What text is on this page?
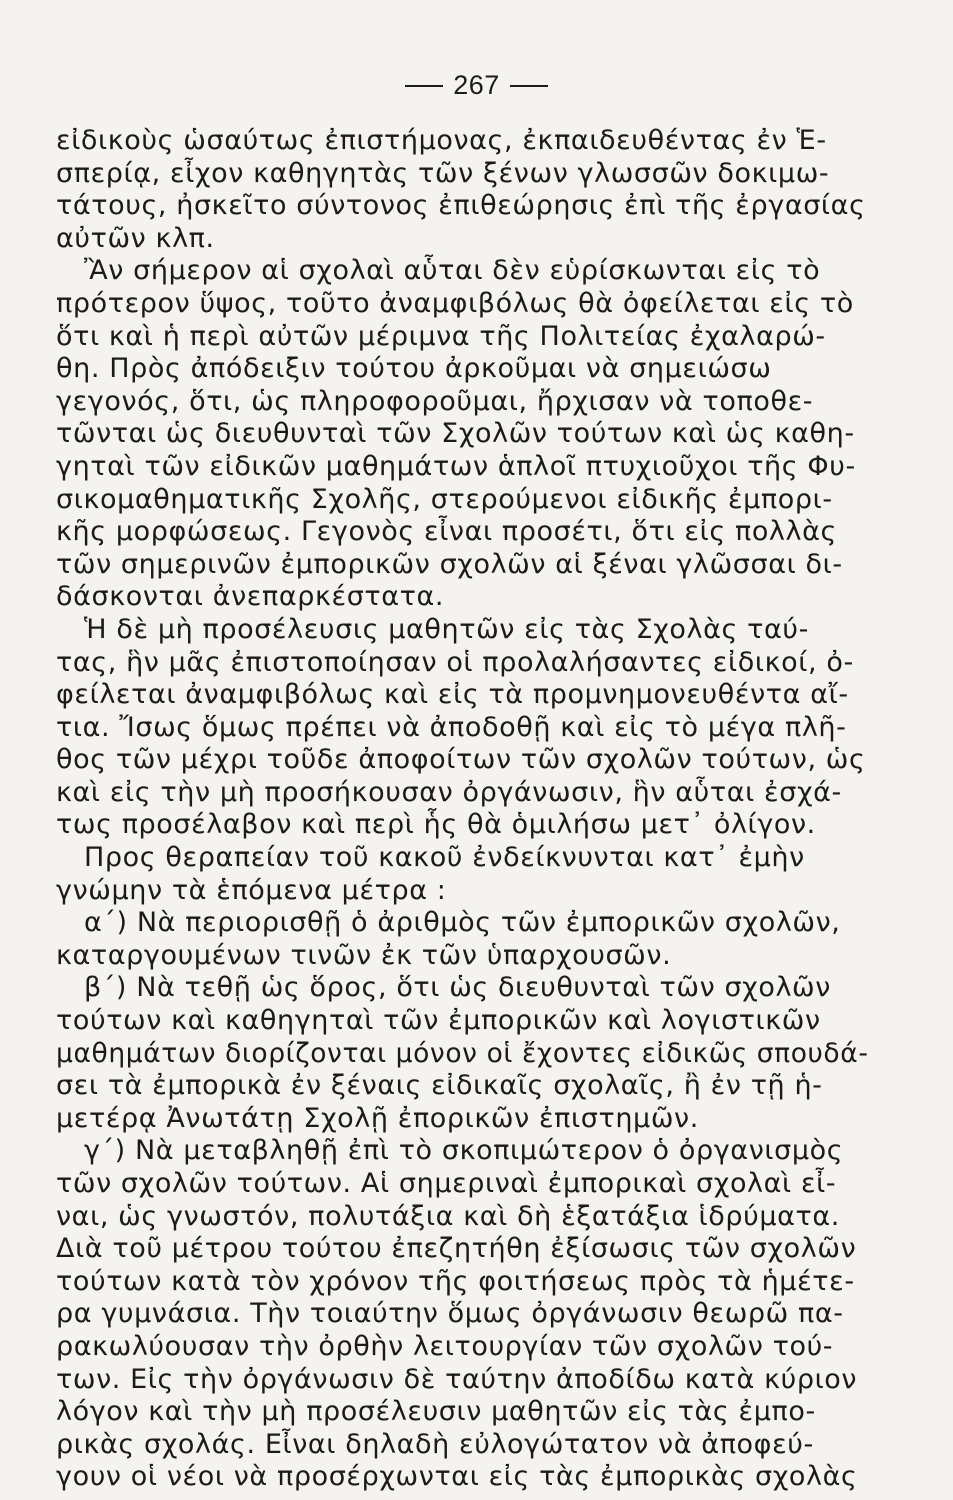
267
εἰδικοὺς ὡσαύτως ἐπιστήμονας, ἐκπαιδευθέντας ἐν Ἑ-
σπερίᾳ, εἶχον καθηγητὰς τῶν ξένων γλωσσῶν δοκιμω-
τάτους, ἠσκεῖτο σύντονος ἐπιθεώρησις ἐπὶ τῆς ἐργασίας
αὐτῶν κλπ.
Ἂν σήμερον αἱ σχολαὶ αὗται δὲν εὑρίσκωνται εἰς τὸ
πρότερον ὕψος, τοῦτο ἀναμφιβόλως θὰ ὀφείλεται εἰς τὸ
ὅτι καὶ ἡ περὶ αὐτῶν μέριμνα τῆς Πολιτείας ἐχαλαρώ-
θη. Πρὸς ἀπόδειξιν τούτου ἀρκοῦμαι νὰ σημειώσω
γεγονός, ὅτι, ὡς πληροφοροῦμαι, ἤρχισαν νὰ τοποθε-
τῶνται ὡς διευθυνταὶ τῶν Σχολῶν τούτων καὶ ὡς καθη-
γηταὶ τῶν εἰδικῶν μαθημάτων ἁπλοῖ πτυχιοῦχοι τῆς Φυ-
σικομαθηματικῆς Σχολῆς, στερούμενοι εἰδικῆς ἐμπορι-
κῆς μορφώσεως. Γεγονὸς εἶναι προσέτι, ὅτι εἰς πολλὰς
τῶν σημερινῶν ἐμπορικῶν σχολῶν αἱ ξέναι γλῶσσαι δι-
δάσκονται ἀνεπαρκέστατα.
Ἡ δὲ μὴ προσέλευσις μαθητῶν εἰς τὰς Σχολὰς ταύ-
τας, ἣν μᾶς ἐπιστοποίησαν οἱ προλαλήσαντες εἰδικοί, ὀ-
φείλεται ἀναμφιβόλως καὶ εἰς τὰ προμνημονευθέντα αἴ-
τια. Ἴσως ὅμως πρέπει νὰ ἀποδοθῇ καὶ εἰς τὸ μέγα πλῆ-
θος τῶν μέχρι τοῦδε ἀποφοίτων τῶν σχολῶν τούτων, ὡς
καὶ εἰς τὴν μὴ προσήκουσαν ὀργάνωσιν, ἣν αὗται ἐσχά-
τως προσέλαβον καὶ περὶ ἧς θὰ ὁμιλήσω μετ᾽ ὀλίγον.
Προς θεραπείαν τοῦ κακοῦ ἐνδείκνυνται κατ᾽ ἐμὴν
γνώμην τὰ ἑπόμενα μέτρα :
α´) Νὰ περιορισθῇ ὁ ἀριθμὸς τῶν ἐμπορικῶν σχολῶν,
καταργουμένων τινῶν ἐκ τῶν ὑπαρχουσῶν.
β´) Νὰ τεθῇ ὡς ὅρος, ὅτι ὡς διευθυνταὶ τῶν σχολῶν
τούτων καὶ καθηγηταὶ τῶν ἐμπορικῶν καὶ λογιστικῶν
μαθημάτων διορίζονται μόνον οἱ ἔχοντες εἰδικῶς σπουδά-
σει τὰ ἐμπορικὰ ἐν ξέναις εἰδικαῖς σχολαῖς, ἢ ἐν τῇ ἡ-
μετέρᾳ Ἀνωτάτῃ Σχολῇ ἐπορικῶν ἐπιστημῶν.
γ´) Νὰ μεταβληθῇ ἐπὶ τὸ σκοπιμώτερον ὁ ὀργανισμὸς
τῶν σχολῶν τούτων. Αἱ σημεριναὶ ἐμπορικαὶ σχολαὶ εἶ-
ναι, ὡς γνωστόν, πολυτάξια καὶ δὴ ἑξατάξια ἱδρύματα.
Διὰ τοῦ μέτρου τούτου ἐπεζητήθη ἐξίσωσις τῶν σχολῶν
τούτων κατὰ τὸν χρόνον τῆς φοιτήσεως πρὸς τὰ ἡμέτε-
ρα γυμνάσια. Τὴν τοιαύτην ὅμως ὀργάνωσιν θεωρῶ πα-
ρακωλύουσαν τὴν ὀρθὴν λειτουργίαν τῶν σχολῶν τού-
των. Εἰς τὴν ὀργάνωσιν δὲ ταύτην ἀποδίδω κατὰ κύριον
λόγον καὶ τὴν μὴ προσέλευσιν μαθητῶν εἰς τὰς ἐμπο-
ρικὰς σχολάς. Εἶναι δηλαδὴ εὐλογώτατον νὰ ἀποφεύ-
γουν οἱ νέοι νὰ προσέρχωνται εἰς τὰς ἐμπορικὰς σχολὰς
